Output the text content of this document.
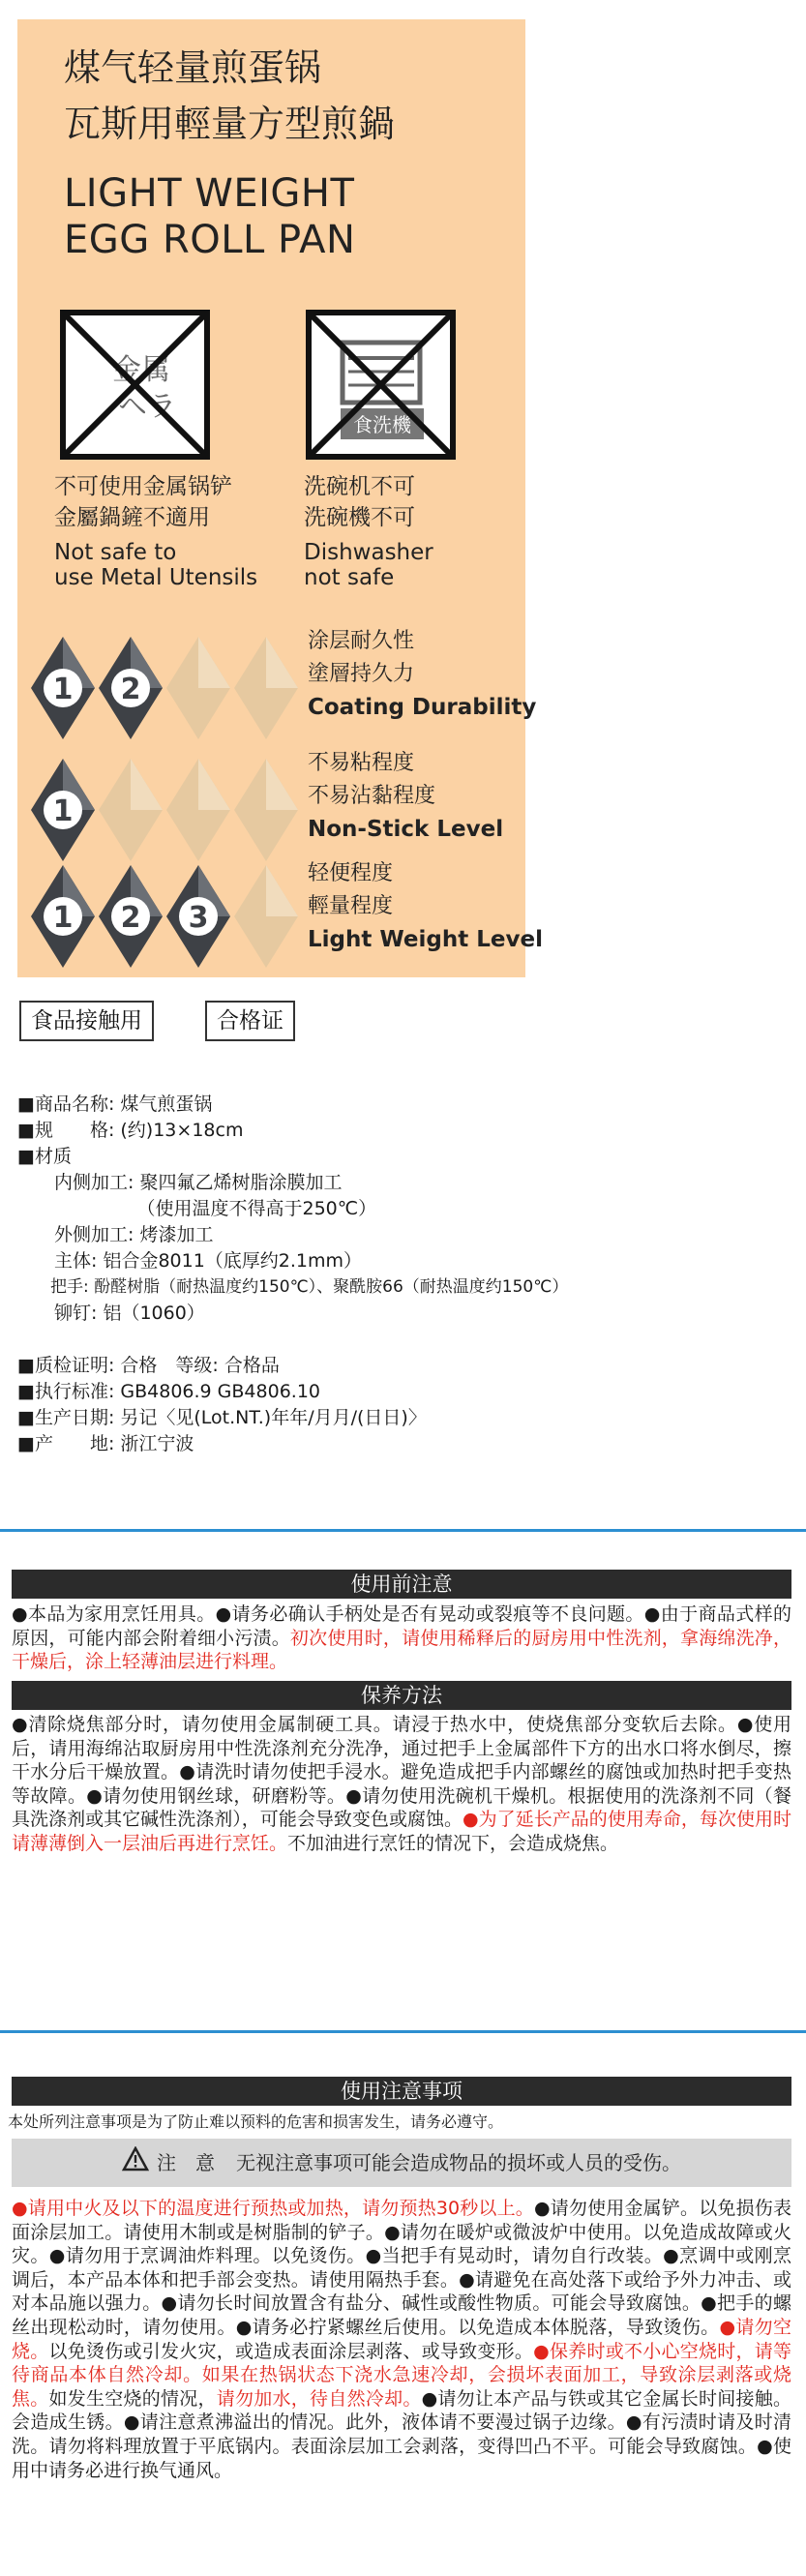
煤气轻量煎蛋锅
瓦斯用輕量方型煎鍋
LIGHT WEIGHT
EGG ROLL PAN
金属
ヘラ
不可使用金属锅铲
金屬鍋鏟不適用
Not safe to
use Metal Utensils
食洗機
洗碗机不可
洗碗機不可
Dishwasher
not safe
1 2
涂层耐久性
塗層持久力
Coating Durability
1
不易粘程度
不易沾黏程度
Non-Stick Level
1 2 3
轻便程度
輕量程度
Light Weight Level
食品接触用	合格证
■商品名称: 煤气煎蛋锅
■规　　格: (约)13×18cm
■材质
　　内侧加工: 聚四氟乙烯树脂涂膜加工
　　　　　　　（使用温度不得高于250℃）
　　外侧加工: 烤漆加工
　　主体: 铝合金8011（底厚约2.1mm）
　　把手: 酚醛树脂（耐热温度约150℃）、聚酰胺66（耐热温度约150℃）
　　铆钉: 铝（1060）
■质检证明: 合格　等级: 合格品
■执行标准: GB4806.9 GB4806.10
■生产日期: 另记〈见(Lot.NT.)年年/月月/(日日)〉
■产　　地: 浙江宁波
使用前注意
●本品为家用烹饪用具。●请务必确认手柄处是否有晃动或裂痕等不良问题。●由于商品式样的原因，可能内部会附着细小污渍。初次使用时，请使用稀释后的厨房用中性洗剂，拿海绵洗净，干燥后，涂上轻薄油层进行料理。
保养方法
●清除烧焦部分时，请勿使用金属制硬工具。请浸于热水中，使烧焦部分变软后去除。●使用后，请用海绵沾取厨房用中性洗涤剂充分洗净，通过把手上金属部件下方的出水口将水倒尽，擦干水分后干燥放置。●请洗时请勿使把手浸水。避免造成把手内部螺丝的腐蚀或加热时把手变热等故障。●请勿使用钢丝球，研磨粉等。●请勿使用洗碗机干燥机。根据使用的洗涤剂不同（餐具洗涤剂或其它碱性洗涤剂），可能会导致变色或腐蚀。●为了延长产品的使用寿命，每次使用时请薄薄倒入一层油后再进行烹饪。不加油进行烹饪的情况下，会造成烧焦。
使用注意事项
本处所列注意事项是为了防止难以预料的危害和损害发生，请务必遵守。
注　意 无视注意事项可能会造成物品的损坏或人员的受伤。
●请用中火及以下的温度进行预热或加热，请勿预热30秒以上。●请勿使用金属铲。以免损伤表面涂层加工。请使用木制或是树脂制的铲子。●请勿在暖炉或微波炉中使用。以免造成故障或火灾。●请勿用于烹调油炸料理。以免烫伤。●当把手有晃动时，请勿自行改装。●烹调中或刚烹调后，本产品本体和把手部会变热。请使用隔热手套。●请避免在高处落下或给予外力冲击、或对本品施以强力。●请勿长时间放置含有盐分、碱性或酸性物质。可能会导致腐蚀。●把手的螺丝出现松动时，请勿使用。●请务必拧紧螺丝后使用。以免造成本体脱落，导致烫伤。●请勿空烧。以免烫伤或引发火灾，或造成表面涂层剥落、或导致变形。●保养时或不小心空烧时，请等待商品本体自然冷却。如果在热锅状态下浇水急速冷却，会损坏表面加工，导致涂层剥落或烧焦。如发生空烧的情况，请勿加水，待自然冷却。●请勿让本产品与铁或其它金属长时间接触。会造成生锈。●请注意煮沸溢出的情况。此外，液体请不要漫过锅子边缘。●有污渍时请及时清洗。请勿将料理放置于平底锅内。表面涂层加工会剥落，变得凹凸不平。可能会导致腐蚀。●使用中请务必进行换气通风。
